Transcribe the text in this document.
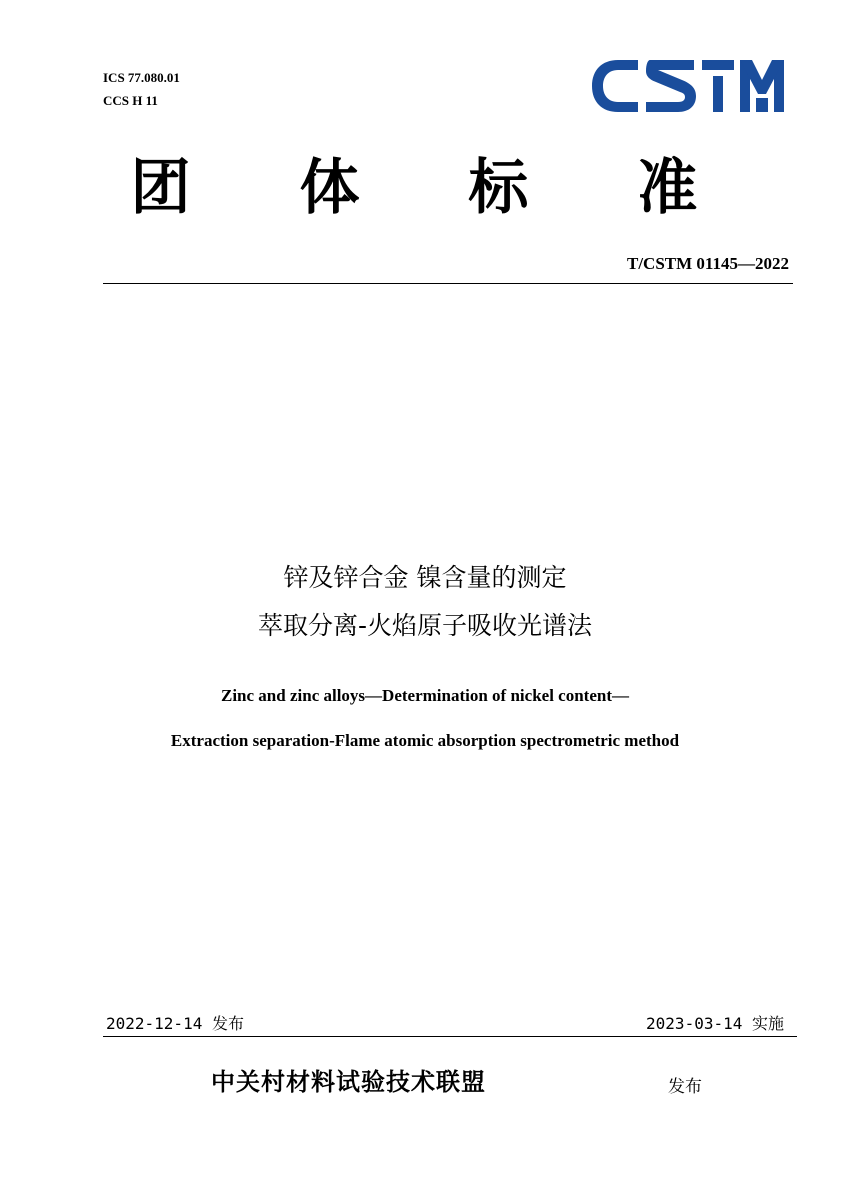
ICS 77.080.01
CCS H 11
团 体 标 准
T/CSTM 01145—2022
锌及锌合金 镍含量的测定
萃取分离-火焰原子吸收光谱法
Zinc and zinc alloys—Determination of nickel content—
Extraction separation-Flame atomic absorption spectrometric method
2022-12-14 发布	2023-03-14 实施
中关村材料试验技术联盟	发布
